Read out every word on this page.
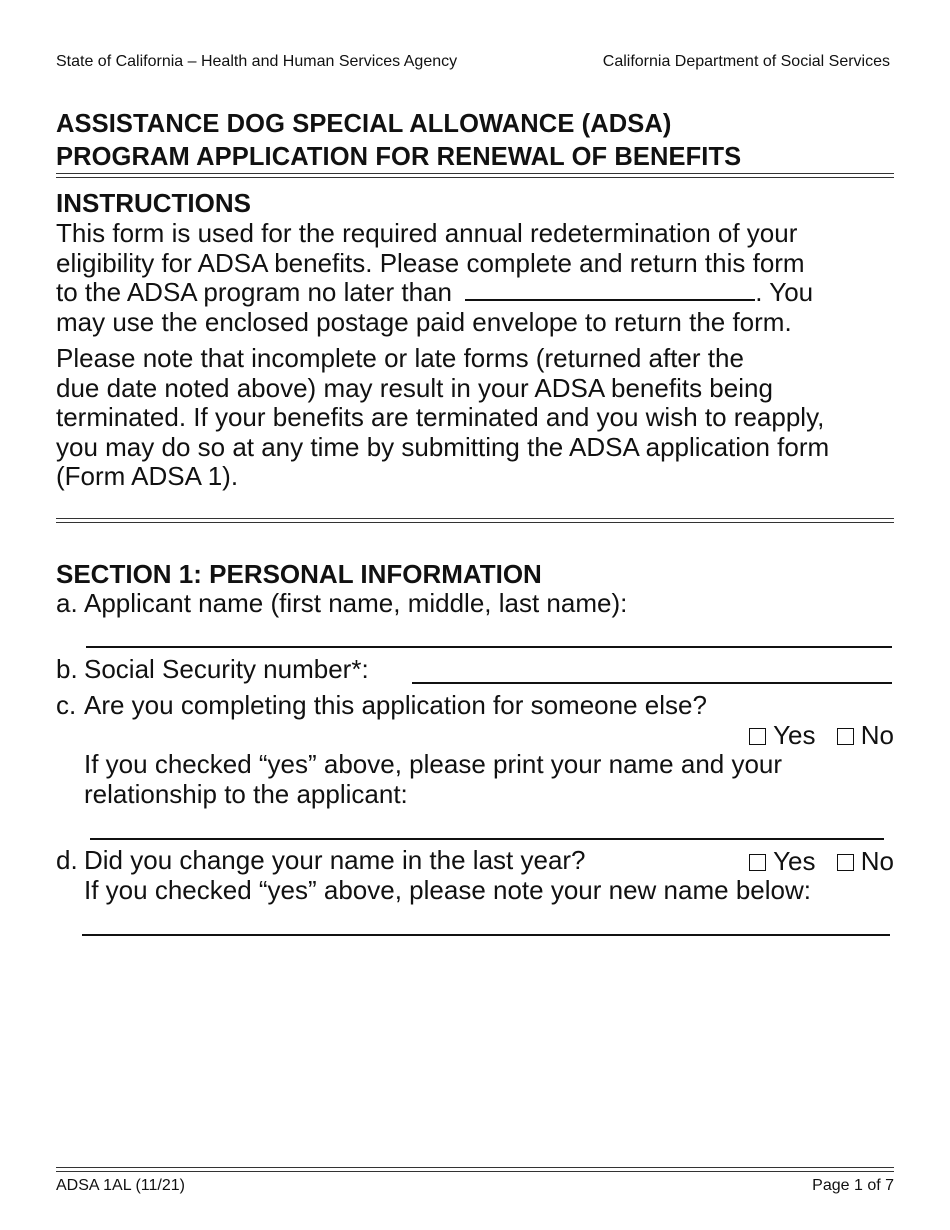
State of California – Health and Human Services Agency	California Department of Social Services
ASSISTANCE DOG SPECIAL ALLOWANCE (ADSA)
PROGRAM APPLICATION FOR RENEWAL OF BENEFITS
INSTRUCTIONS
This form is used for the required annual redetermination of your
eligibility for ADSA benefits. Please complete and return this form
to the ADSA program no later than	. You
may use the enclosed postage paid envelope to return the form.
Please note that incomplete or late forms (returned after the
due date noted above) may result in your ADSA benefits being
terminated. If your benefits are terminated and you wish to reapply,
you may do so at any time by submitting the ADSA application form
(Form ADSA 1).
SECTION 1: PERSONAL INFORMATION
a. Applicant name (first name, middle, last name):
b. Social Security number*:
c. Are you completing this application for someone else?
Yes No
If you checked “yes” above, please print your name and your
relationship to the applicant:
d. Did you change your name in the last year?	Yes No
If you checked “yes” above, please note your new name below:
ADSA 1AL (11/21)	Page 1 of 7
